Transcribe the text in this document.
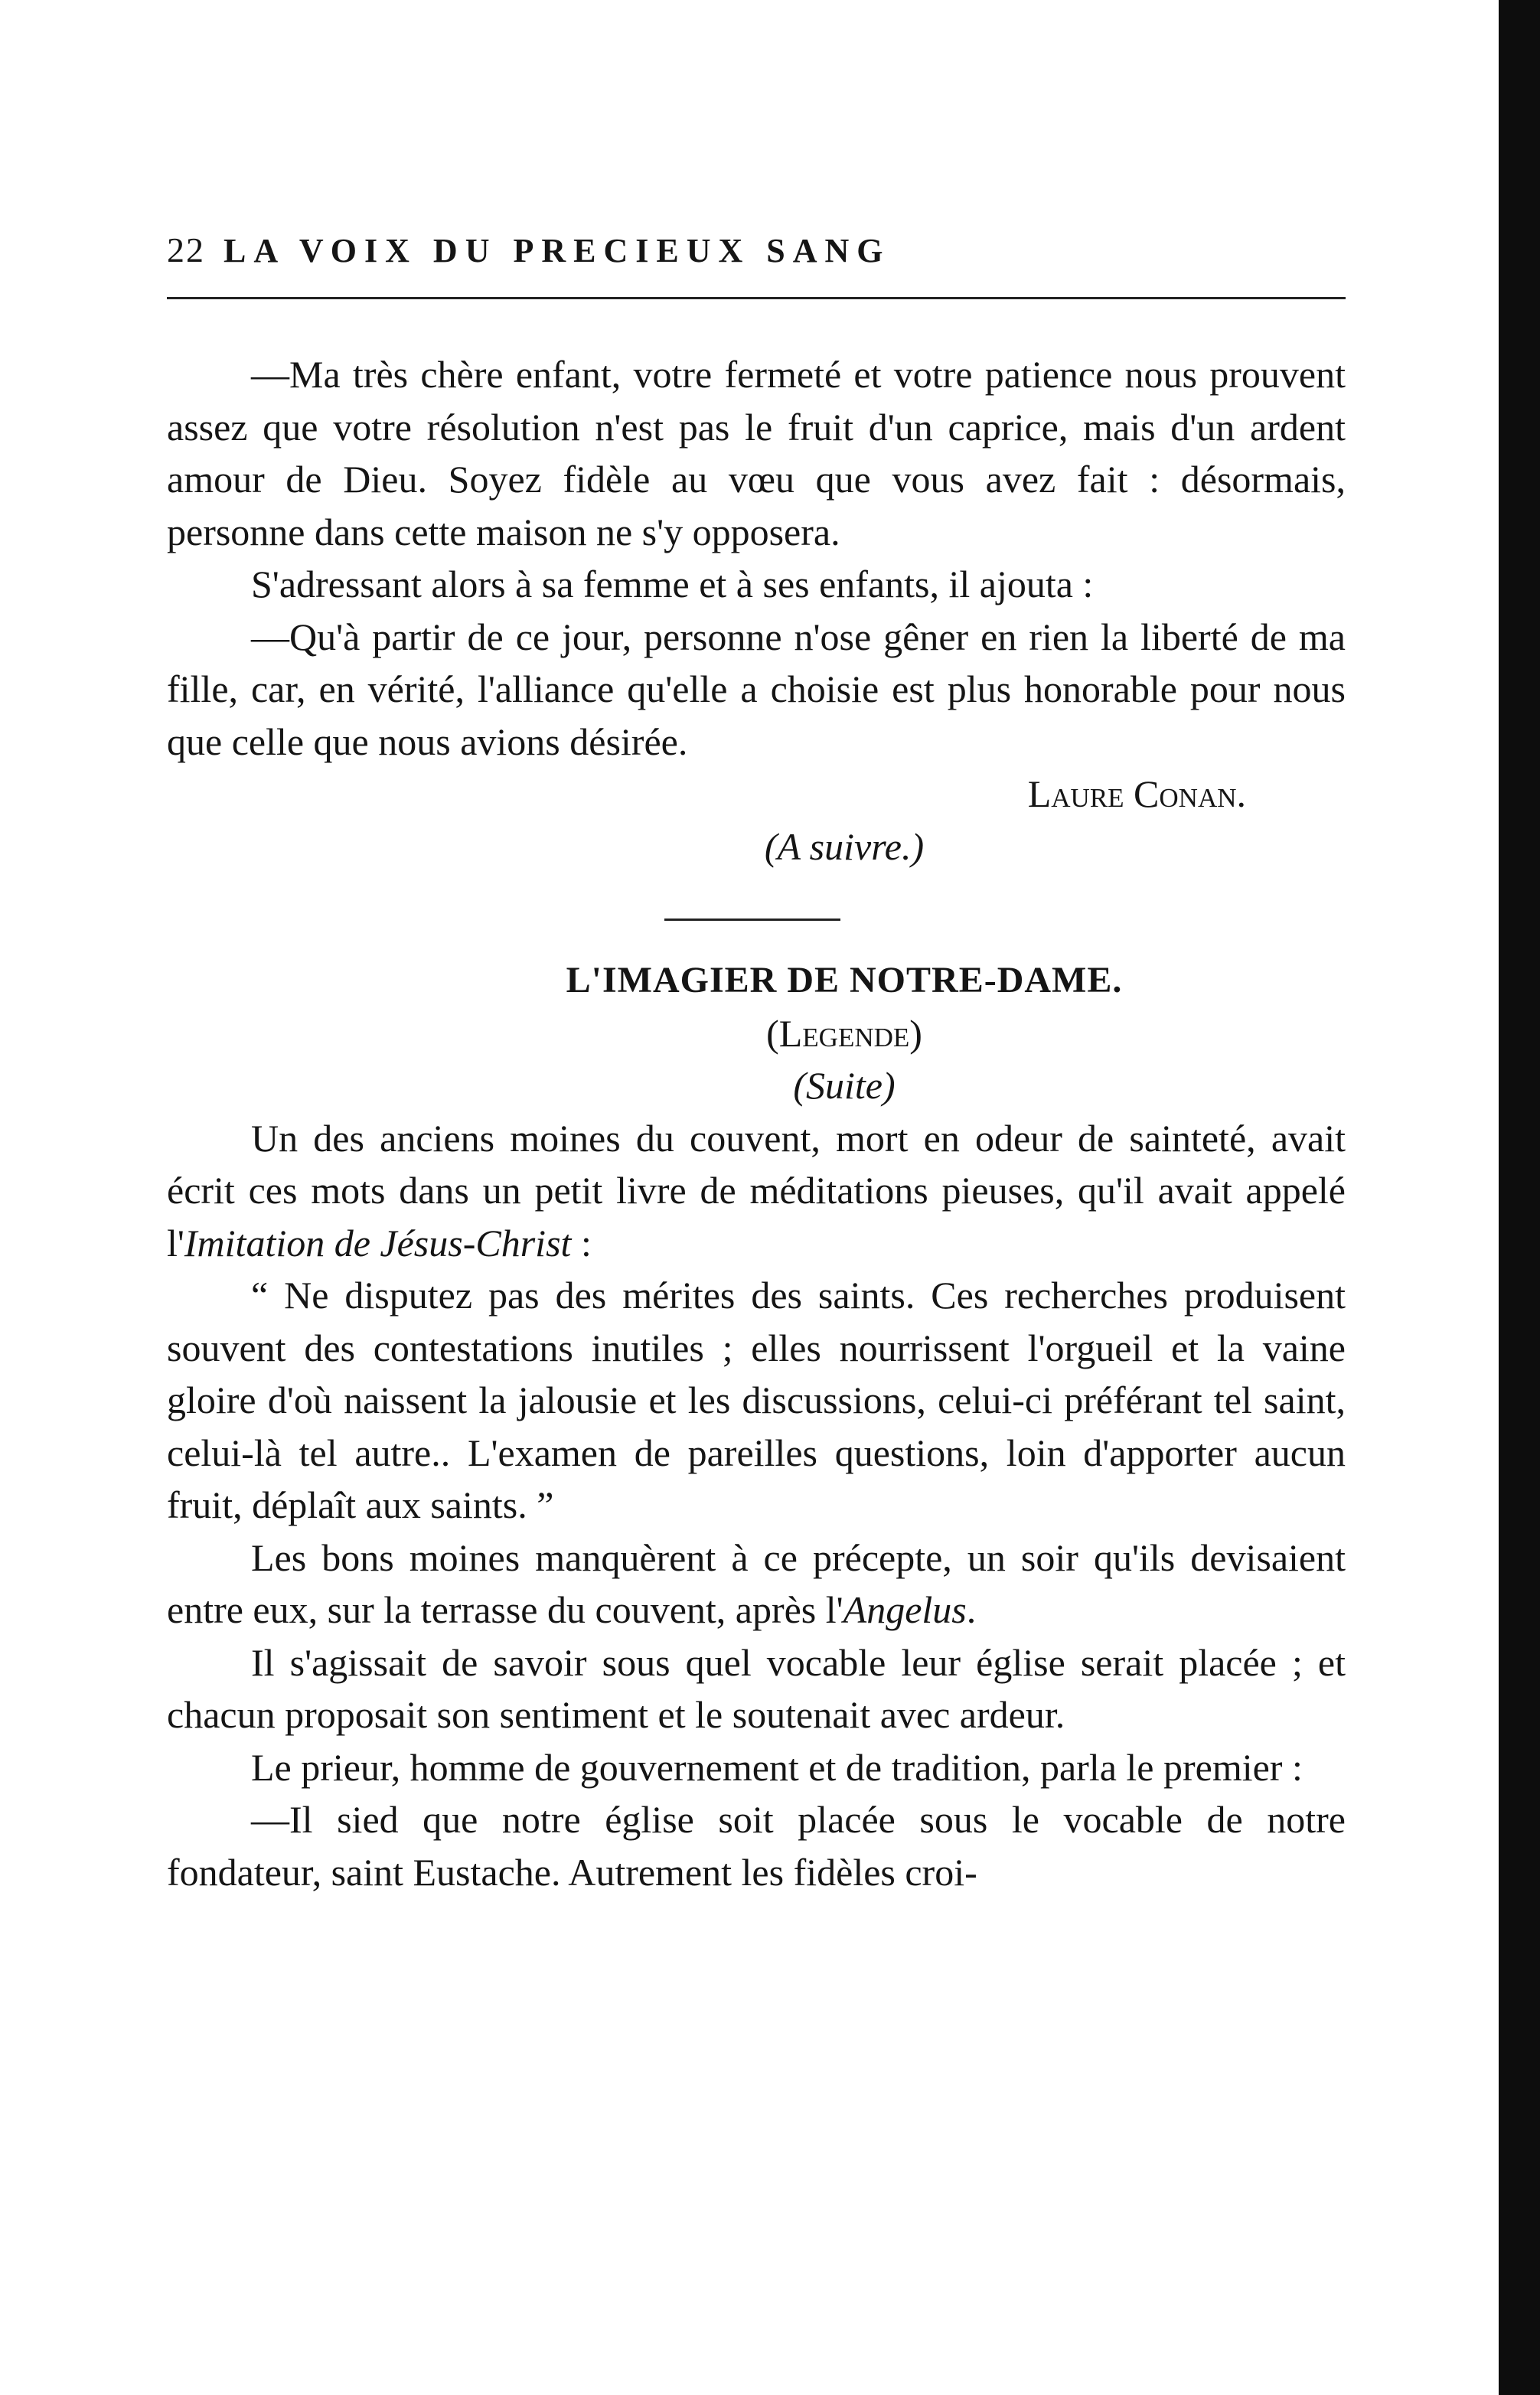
22 LA VOIX DU PRECIEUX SANG

—Ma très chère enfant, votre fermeté et votre patience nous prouvent assez que votre résolution n'est pas le fruit d'un caprice, mais d'un ardent amour de Dieu. Soyez fidèle au vœu que vous avez fait : désormais, personne dans cette maison ne s'y opposera.

S'adressant alors à sa femme et à ses enfants, il ajouta :

—Qu'à partir de ce jour, personne n'ose gêner en rien la liberté de ma fille, car, en vérité, l'alliance qu'elle a choisie est plus honorable pour nous que celle que nous avions désirée.

Laure Conan.

(A suivre.)

L'IMAGIER DE NOTRE-DAME.

(Legende)

(Suite)

Un des anciens moines du couvent, mort en odeur de sainteté, avait écrit ces mots dans un petit livre de méditations pieuses, qu'il avait appelé l'Imitation de Jésus-Christ :

“ Ne disputez pas des mérites des saints. Ces recherches produisent souvent des contestations inutiles ; elles nourrissent l'orgueil et la vaine gloire d'où naissent la jalousie et les discussions, celui-ci préférant tel saint, celui-là tel autre.. L'examen de pareilles questions, loin d'apporter aucun fruit, déplaît aux saints. ”

Les bons moines manquèrent à ce précepte, un soir qu'ils devisaient entre eux, sur la terrasse du couvent, après l'Angelus.

Il s'agissait de savoir sous quel vocable leur église serait placée ; et chacun proposait son sentiment et le soutenait avec ardeur.

Le prieur, homme de gouvernement et de tradition, parla le premier :

—Il sied que notre église soit placée sous le vocable de notre fondateur, saint Eustache. Autrement les fidèles croi-
